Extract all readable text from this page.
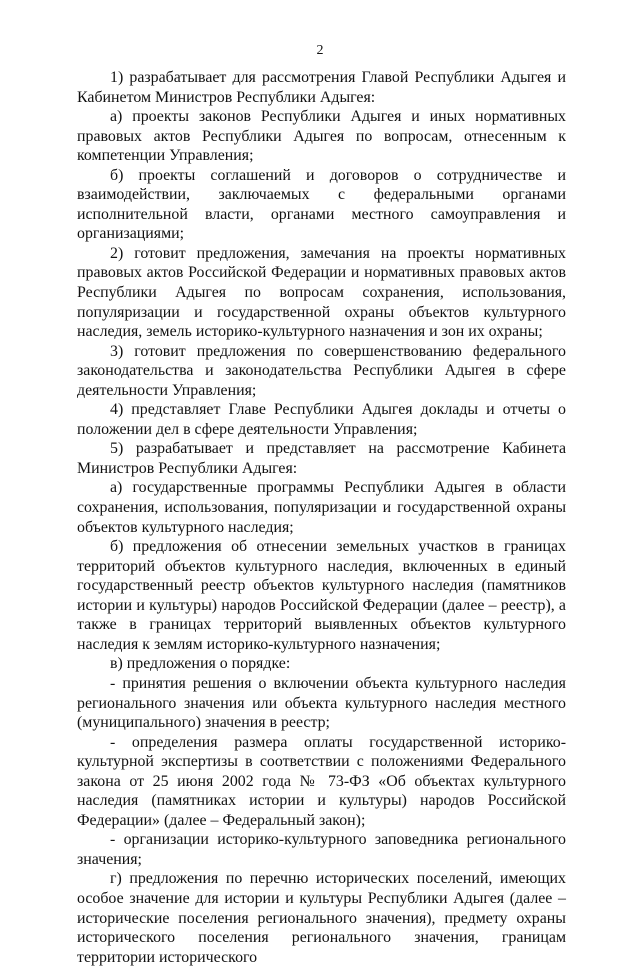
2

1) разрабатывает для рассмотрения Главой Республики Адыгея и Кабинетом Министров Республики Адыгея:

а) проекты законов Республики Адыгея и иных нормативных правовых актов Республики Адыгея по вопросам, отнесенным к компетенции Управления;

б) проекты соглашений и договоров о сотрудничестве и взаимодействии, заключаемых с федеральными органами исполнительной власти, органами местного самоуправления и организациями;

2) готовит предложения, замечания на проекты нормативных правовых актов Российской Федерации и нормативных правовых актов Республики Адыгея по вопросам сохранения, использования, популяризации и государственной охраны объектов культурного наследия, земель историко-культурного назначения и зон их охраны;

3) готовит предложения по совершенствованию федерального законодательства и законодательства Республики Адыгея в сфере деятельности Управления;

4) представляет Главе Республики Адыгея доклады и отчеты о положении дел в сфере деятельности Управления;

5) разрабатывает и представляет на рассмотрение Кабинета Министров Республики Адыгея:

а) государственные программы Республики Адыгея в области сохранения, использования, популяризации и государственной охраны объектов культурного наследия;

б) предложения об отнесении земельных участков в границах территорий объектов культурного наследия, включенных в единый государственный реестр объектов культурного наследия (памятников истории и культуры) народов Российской Федерации (далее – реестр), а также в границах территорий выявленных объектов культурного наследия к землям историко-культурного назначения;

в) предложения о порядке:

- принятия решения о включении объекта культурного наследия регионального значения или объекта культурного наследия местного (муниципального) значения в реестр;

- определения размера оплаты государственной историко-культурной экспертизы в соответствии с положениями Федерального закона от 25 июня 2002 года № 73-ФЗ «Об объектах культурного наследия (памятниках истории и культуры) народов Российской Федерации» (далее – Федеральный закон);

- организации историко-культурного заповедника регионального значения;

г) предложения по перечню исторических поселений, имеющих особое значение для истории и культуры Республики Адыгея (далее – исторические поселения регионального значения), предмету охраны исторического поселения регионального значения, границам территории исторического
